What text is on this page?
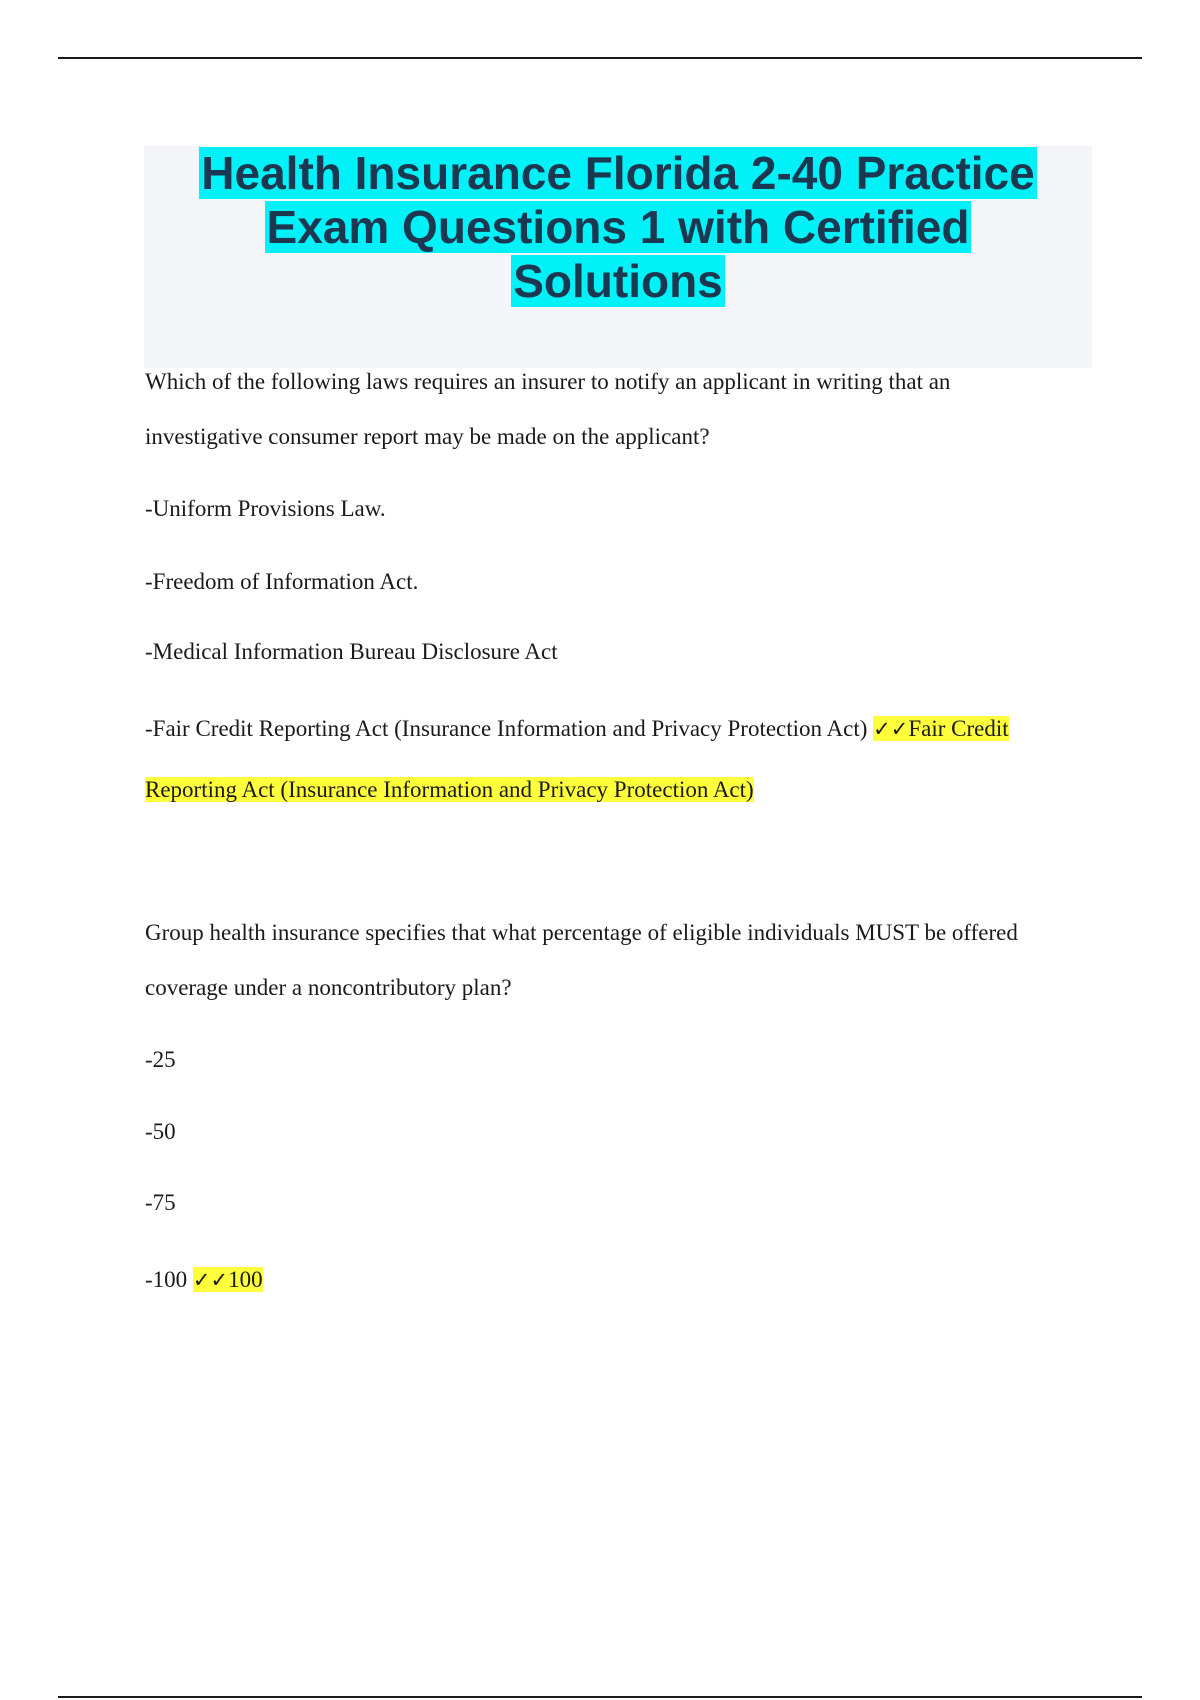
Health Insurance Florida 2-40 Practice
Exam Questions 1 with Certified
Solutions
Which of the following laws requires an insurer to notify an applicant in writing that an
investigative consumer report may be made on the applicant?
-Uniform Provisions Law.
-Freedom of Information Act.
-Medical Information Bureau Disclosure Act
-Fair Credit Reporting Act (Insurance Information and Privacy Protection Act) ✓✓Fair Credit
Reporting Act (Insurance Information and Privacy Protection Act)
Group health insurance specifies that what percentage of eligible individuals MUST be offered
coverage under a noncontributory plan?
-25
-50
-75
-100 ✓✓100
